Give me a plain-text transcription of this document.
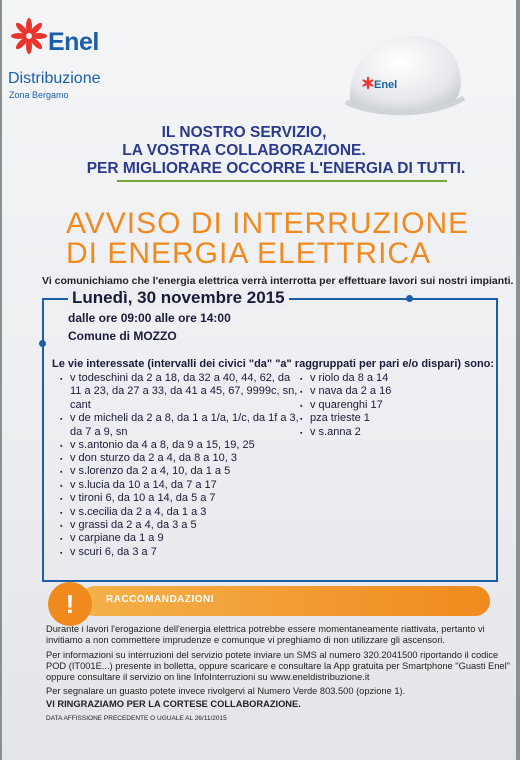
Enel
Distribuzione
Zona Bergamo
Enel
IL NOSTRO SERVIZIO,
LA VOSTRA COLLABORAZIONE.
PER MIGLIORARE OCCORRE L'ENERGIA DI TUTTI.
AVVISO DI INTERRUZIONE
DI ENERGIA ELETTRICA
Vi comunichiamo che l'energia elettrica verrà interrotta per effettuare lavori sui nostri impianti.
Lunedì, 30 novembre 2015
dalle ore 09:00 alle ore 14:00
Comune di MOZZO
Le vie interessate (intervalli dei civici "da" "a" raggruppati per pari e/o dispari) sono:
▪ v todeschini da 2 a 18, da 32 a 40, 44, 62, da 11 a 23, da 27 a 33, da 41 a 45, 67, 9999c, sn, cant
▪ v de micheli da 2 a 8, da 1 a 1/a, 1/c, da 1f a 3, da 7 a 9, sn
▪ v s.antonio da 4 a 8, da 9 a 15, 19, 25
▪ v riolo da 8 a 14
▪ v nava da 2 a 16
▪ v quarenghi 17
▪ pza trieste 1
▪ v s.anna 2
▪ v don sturzo da 2 a 4, da 8 a 10, 3
▪ v s.lorenzo da 2 a 4, 10, da 1 a 5
▪ v s.lucia da 10 a 14, da 7 a 17
▪ v tironi 6, da 10 a 14, da 5 a 7
▪ v s.cecilia da 2 a 4, da 1 a 3
▪ v grassi da 2 a 4, da 3 a 5
▪ v carpiane da 1 a 9
▪ v scuri 6, da 3 a 7
RACCOMANDAZIONI
!
Durante i lavori l'erogazione dell'energia elettrica potrebbe essere momentaneamente riattivata, pertanto vi invitiamo a non commettere imprudenze e comunque vi preghiamo di non utilizzare gli ascensori.
Per informazioni su interruzioni del servizio potete inviare un SMS al numero 320.2041500 riportando il codice POD (IT001E...) presente in bolletta, oppure scaricare e consultare la App gratuita per Smartphone "Guasti Enel" oppure consultare il servizio on line InfoInterruzioni su www.eneldistribuzione.it
Per segnalare un guasto potete invece rivolgervi al Numero Verde 803.500 (opzione 1).
VI RINGRAZIAMO PER LA CORTESE COLLABORAZIONE.
DATA AFFISSIONE PRECEDENTE O UGUALE AL 26/11/2015
